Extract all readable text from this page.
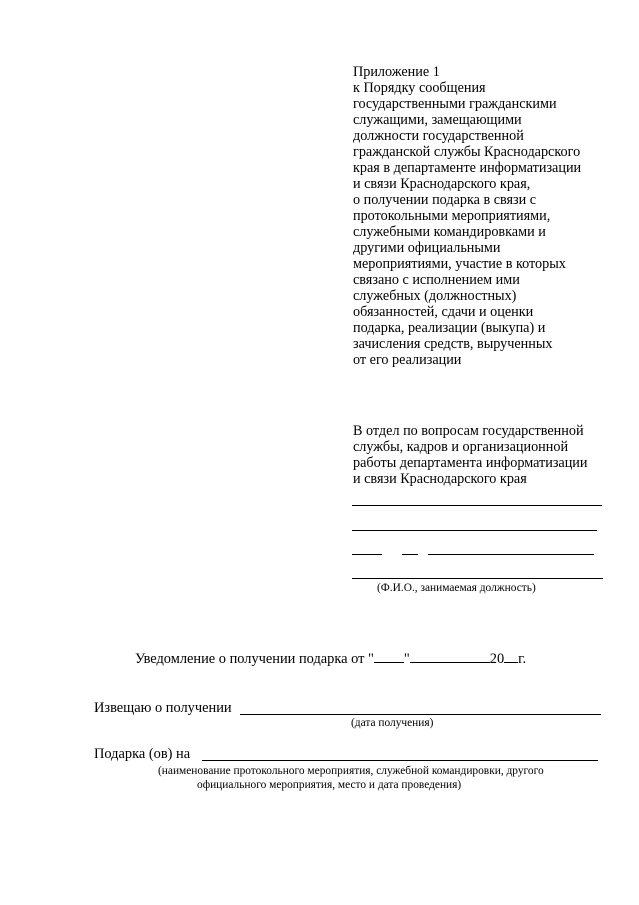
Приложение 1
к Порядку сообщения
государственными гражданскими
служащими, замещающими
должности государственной
гражданской службы Краснодарского
края в департаменте информатизации
и связи Краснодарского края,
о получении подарка в связи с
протокольными мероприятиями,
служебными командировками и
другими официальными
мероприятиями, участие в которых
связано с исполнением ими
служебных (должностных)
обязанностей, сдачи и оценки
подарка, реализации (выкупа) и
зачисления средств, вырученных
от его реализации
В отдел по вопросам государственной
службы, кадров и организационной
работы департамента информатизации
и связи Краснодарского края
(Ф.И.О., занимаемая должность)
Уведомление о получении подарка от " "	20 г.
Извещаю о получении
(дата получения)
Подарка (ов) на
(наименование протокольного мероприятия, служебной командировки, другого
официального мероприятия, место и дата проведения)
